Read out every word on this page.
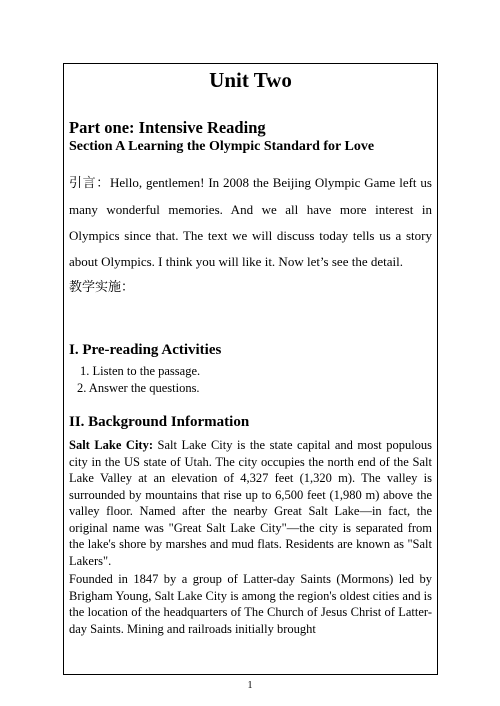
Unit Two
Part one: Intensive Reading
Section A Learning the Olympic Standard for Love
引言：Hello, gentlemen! In 2008 the Beijing Olympic Game left us many wonderful memories. And we all have more interest in Olympics since that. The text we will discuss today tells us a story about Olympics. I think you will like it. Now let’s see the detail.
教学实施：
I. Pre-reading Activities
1. Listen to the passage.
2. Answer the questions.
II. Background Information
Salt Lake City: Salt Lake City is the state capital and most populous city in the US state of Utah. The city occupies the north end of the Salt Lake Valley at an elevation of 4,327 feet (1,320 m). The valley is surrounded by mountains that rise up to 6,500 feet (1,980 m) above the valley floor. Named after the nearby Great Salt Lake—in fact, the original name was "Great Salt Lake City"—the city is separated from the lake's shore by marshes and mud flats. Residents are known as "Salt Lakers".
Founded in 1847 by a group of Latter-day Saints (Mormons) led by Brigham Young, Salt Lake City is among the region's oldest cities and is the location of the headquarters of The Church of Jesus Christ of Latter-day Saints. Mining and railroads initially brought
1
